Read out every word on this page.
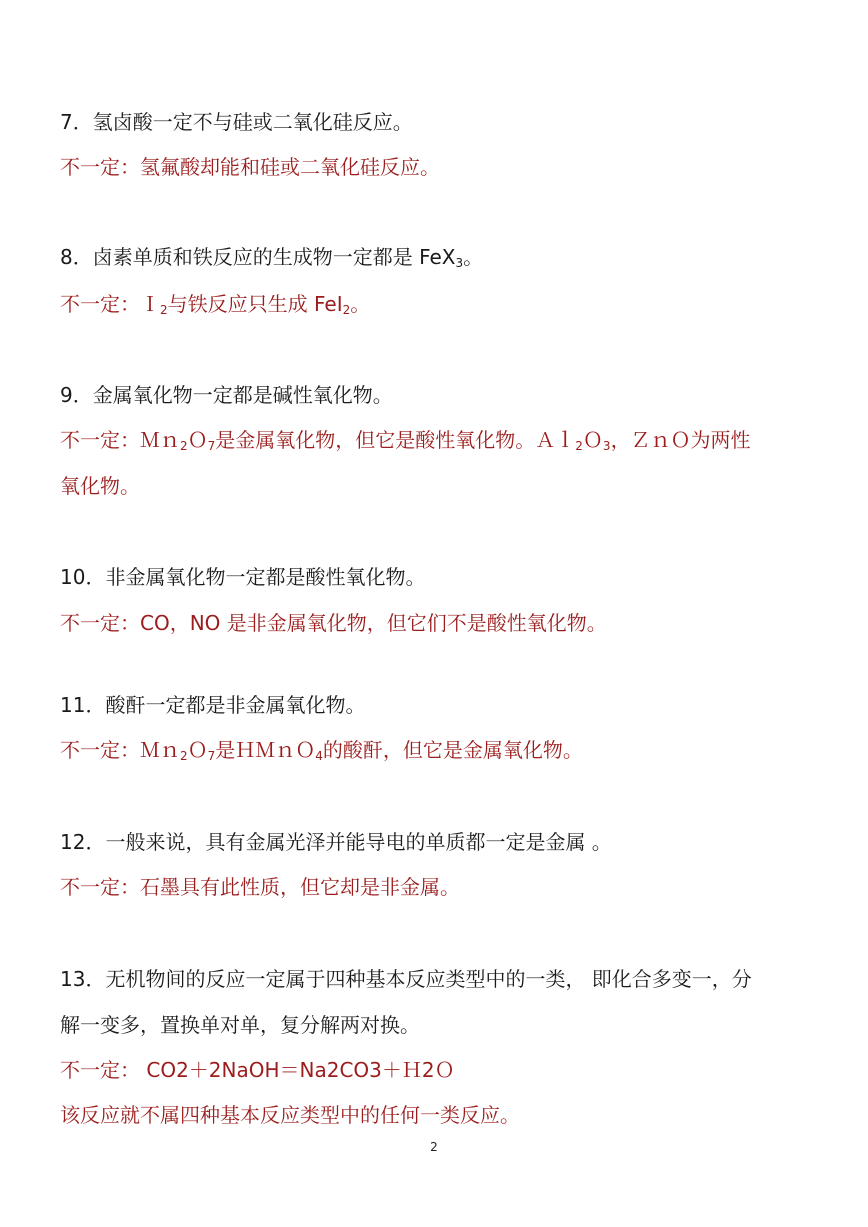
7．氢卤酸一定不与硅或二氧化硅反应。
不一定：氢氟酸却能和硅或二氧化硅反应。
8．卤素单质和铁反应的生成物一定都是 FeX$_3$。
不一定：Ｉ$_2$与铁反应只生成 FeI$_2$。
9．金属氧化物一定都是碱性氧化物。
不一定：Ｍｎ$_2$Ｏ$_7$是金属氧化物，但它是酸性氧化物。Ａｌ$_2$Ｏ$_3$，ＺｎＯ为两性
氧化物。
10．非金属氧化物一定都是酸性氧化物。
不一定：CO，NO 是非金属氧化物，但它们不是酸性氧化物。
11．酸酐一定都是非金属氧化物。
不一定：Ｍｎ$_2$Ｏ$_7$是ＨＭｎＯ$_4$的酸酐，但它是金属氧化物。
12．一般来说，具有金属光泽并能导电的单质都一定是金属 。
不一定：石墨具有此性质，但它却是非金属。
13．无机物间的反应一定属于四种基本反应类型中的一类， 即化合多变一，分
解一变多，置换单对单，复分解两对换。
不一定： CO2＋2NaOH＝Na2CO3＋Ｈ2Ｏ
该反应就不属四种基本反应类型中的任何一类反应。
2
